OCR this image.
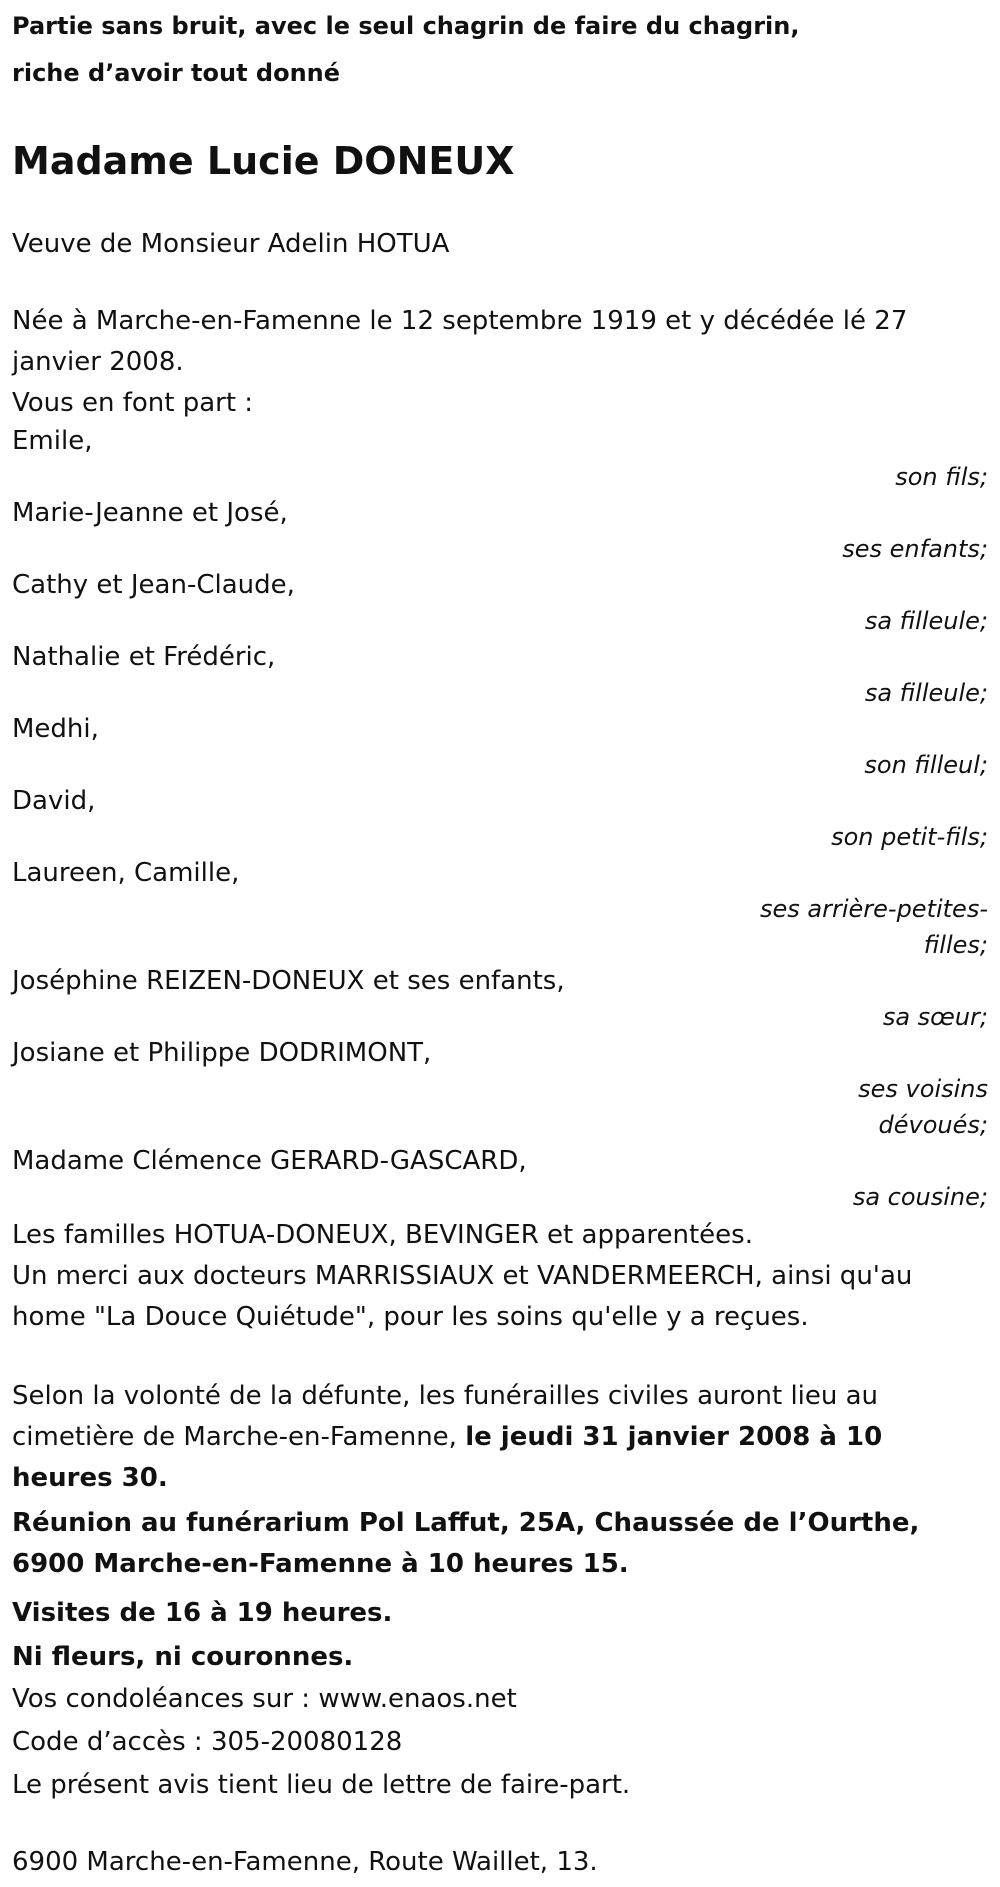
Partie sans bruit, avec le seul chagrin de faire du chagrin,

riche d’avoir tout donné

Madame Lucie DONEUX

Veuve de Monsieur Adelin HOTUA

Née à Marche-en-Famenne le 12 septembre 1919 et y décédée lé 27 janvier 2008.

Vous en font part :

Emile,

son fils;

Marie-Jeanne et José,

ses enfants;

Cathy et Jean-Claude,

sa filleule;

Nathalie et Frédéric,

sa filleule;

Medhi,

son filleul;

David,

son petit-fils;

Laureen, Camille,

ses arrière-petites-filles;

Joséphine REIZEN-DONEUX et ses enfants,

sa sœur;

Josiane et Philippe DODRIMONT,

ses voisins dévoués;

Madame Clémence GERARD-GASCARD,

sa cousine;

Les familles HOTUA-DONEUX, BEVINGER et apparentées.

Un merci aux docteurs MARRISSIAUX et VANDERMEERCH, ainsi qu'au home "La Douce Quiétude", pour les soins qu'elle y a reçues.

Selon la volonté de la défunte, les funérailles civiles auront lieu au cimetière de Marche-en-Famenne, le jeudi 31 janvier 2008 à 10 heures 30.

Réunion au funérarium Pol Laffut, 25A, Chaussée de l’Ourthe, 6900 Marche-en-Famenne à 10 heures 15.

Visites de 16 à 19 heures.

Ni fleurs, ni couronnes.

Vos condoléances sur : www.enaos.net

Code d’accès : 305-20080128

Le présent avis tient lieu de lettre de faire-part.

6900 Marche-en-Famenne, Route Waillet, 13.
